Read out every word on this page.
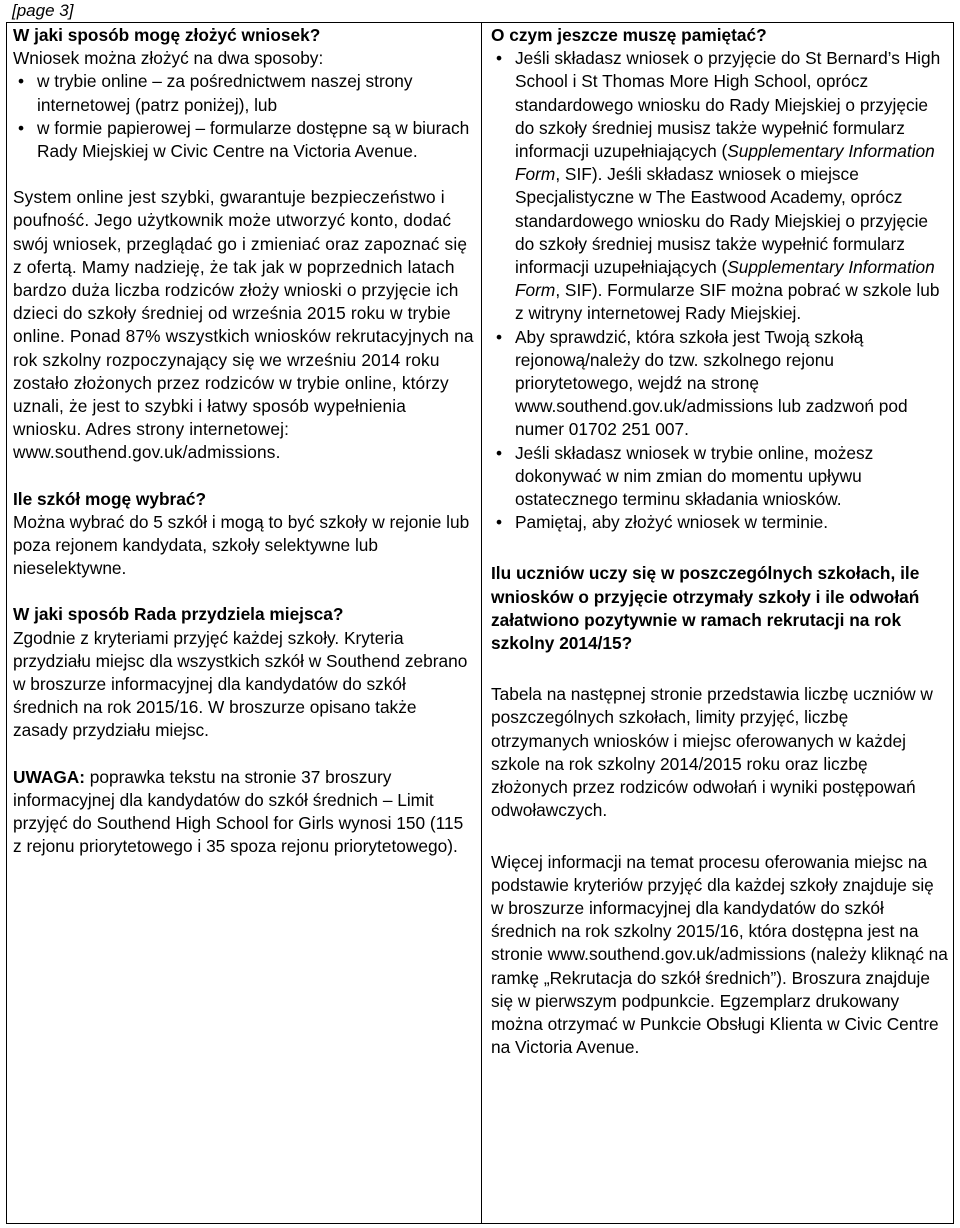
[page 3]

W jaki sposób mogę złożyć wniosek?

Wniosek można złożyć na dwa sposoby:

• w trybie online – za pośrednictwem naszej strony internetowej (patrz poniżej), lub
• w formie papierowej – formularze dostępne są w biurach Rady Miejskiej w Civic Centre na Victoria Avenue.

System online jest szybki, gwarantuje bezpieczeństwo i poufność. Jego użytkownik może utworzyć konto, dodać swój wniosek, przeglądać go i zmieniać oraz zapoznać się z ofertą. Mamy nadzieję, że tak jak w poprzednich latach bardzo duża liczba rodziców złoży wnioski o przyjęcie ich dzieci do szkoły średniej od września 2015 roku w trybie online. Ponad 87% wszystkich wniosków rekrutacyjnych na rok szkolny rozpoczynający się we wrześniu 2014 roku zostało złożonych przez rodziców w trybie online, którzy uznali, że jest to szybki i łatwy sposób wypełnienia wniosku. Adres strony internetowej: www.southend.gov.uk/admissions.

Ile szkół mogę wybrać?

Można wybrać do 5 szkół i mogą to być szkoły w rejonie lub poza rejonem kandydata, szkoły selektywne lub nieselektywne.

W jaki sposób Rada przydziela miejsca?

Zgodnie z kryteriami przyjęć każdej szkoły. Kryteria przydziału miejsc dla wszystkich szkół w Southend zebrano w broszurze informacyjnej dla kandydatów do szkół średnich na rok 2015/16. W broszurze opisano także zasady przydziału miejsc.

UWAGA: poprawka tekstu na stronie 37 broszury informacyjnej dla kandydatów do szkół średnich – Limit przyjęć do Southend High School for Girls wynosi 150 (115 z rejonu priorytetowego i 35 spoza rejonu priorytetowego).

O czym jeszcze muszę pamiętać?

• Jeśli składasz wniosek o przyjęcie do St Bernard’s High School i St Thomas More High School, oprócz standardowego wniosku do Rady Miejskiej o przyjęcie do szkoły średniej musisz także wypełnić formularz informacji uzupełniających (Supplementary Information Form, SIF). Jeśli składasz wniosek o miejsce Specjalistyczne w The Eastwood Academy, oprócz standardowego wniosku do Rady Miejskiej o przyjęcie do szkoły średniej musisz także wypełnić formularz informacji uzupełniających (Supplementary Information Form, SIF). Formularze SIF można pobrać w szkole lub z witryny internetowej Rady Miejskiej.
• Aby sprawdzić, która szkoła jest Twoją szkołą rejonową/należy do tzw. szkolnego rejonu priorytetowego, wejdź na stronę www.southend.gov.uk/admissions lub zadzwoń pod numer 01702 251 007.
• Jeśli składasz wniosek w trybie online, możesz dokonywać w nim zmian do momentu upływu ostatecznego terminu składania wniosków.
• Pamiętaj, aby złożyć wniosek w terminie.

Ilu uczniów uczy się w poszczególnych szkołach, ile wniosków o przyjęcie otrzymały szkoły i ile odwołań załatwiono pozytywnie w ramach rekrutacji na rok szkolny 2014/15?

Tabela na następnej stronie przedstawia liczbę uczniów w poszczególnych szkołach, limity przyjęć, liczbę otrzymanych wniosków i miejsc oferowanych w każdej szkole na rok szkolny 2014/2015 roku oraz liczbę złożonych przez rodziców odwołań i wyniki postępowań odwoławczych.

Więcej informacji na temat procesu oferowania miejsc na podstawie kryteriów przyjęć dla każdej szkoły znajduje się w broszurze informacyjnej dla kandydatów do szkół średnich na rok szkolny 2015/16, która dostępna jest na stronie www.southend.gov.uk/admissions (należy kliknąć na ramkę „Rekrutacja do szkół średnich”). Broszura znajduje się w pierwszym podpunkcie. Egzemplarz drukowany można otrzymać w Punkcie Obsługi Klienta w Civic Centre na Victoria Avenue.
